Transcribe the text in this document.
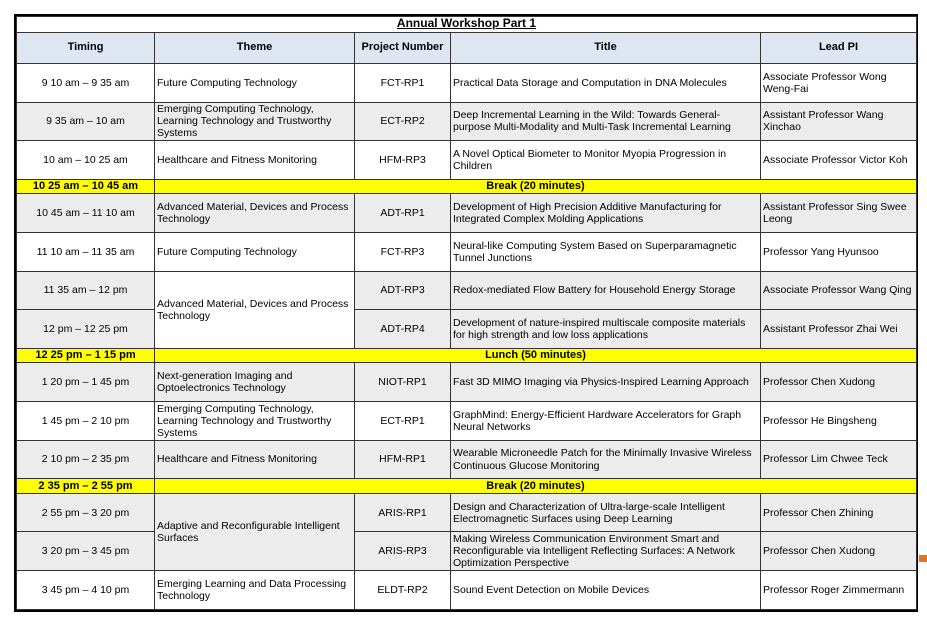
Annual Workshop Part 1				
Timing	Theme	Project Number	Title	Lead PI
9 10 am – 9 35 am	Future Computing Technology	FCT-RP1	Practical Data Storage and Computation in DNA Molecules	Associate Professor Wong Weng-Fai
9 35 am – 10 am	Emerging Computing Technology, Learning Technology and Trustworthy Systems	ECT-RP2	Deep Incremental Learning in the Wild: Towards General-purpose Multi-Modality and Multi-Task Incremental Learning	Assistant Professor Wang Xinchao
10 am – 10 25 am	Healthcare and Fitness Monitoring	HFM-RP3	A Novel Optical Biometer to Monitor Myopia Progression in Children	Associate Professor Victor Koh
10 25 am – 10 45 am	Break (20 minutes)			
10 45 am – 11 10 am	Advanced Material, Devices and Process Technology	ADT-RP1	Development of High Precision Additive Manufacturing for Integrated Complex Molding Applications	Assistant Professor Sing Swee Leong
11 10 am – 11 35 am	Future Computing Technology	FCT-RP3	Neural-like Computing System Based on Superparamagnetic Tunnel Junctions	Professor Yang Hyunsoo
11 35 am – 12 pm	Advanced Material, Devices and Process Technology	ADT-RP3	Redox-mediated Flow Battery for Household Energy Storage	Associate Professor Wang Qing
12 pm – 12 25 pm		ADT-RP4	Development of nature-inspired multiscale composite materials for high strength and low loss applications	Assistant Professor Zhai Wei
12 25 pm – 1 15 pm	Lunch (50 minutes)			
1 20 pm – 1 45 pm	Next-generation Imaging and Optoelectronics Technology	NIOT-RP1	Fast 3D MIMO Imaging via Physics-Inspired Learning Approach	Professor Chen Xudong
1 45 pm – 2 10 pm	Emerging Computing Technology, Learning Technology and Trustworthy Systems	ECT-RP1	GraphMind: Energy-Efficient Hardware Accelerators for Graph Neural Networks	Professor He Bingsheng
2 10 pm – 2 35 pm	Healthcare and Fitness Monitoring	HFM-RP1	Wearable Microneedle Patch for the Minimally Invasive Wireless Continuous Glucose Monitoring	Professor Lim Chwee Teck
2 35 pm – 2 55 pm	Break (20 minutes)			
2 55 pm – 3 20 pm	Adaptive and Reconfigurable Intelligent Surfaces	ARIS-RP1	Design and Characterization of Ultra-large-scale Intelligent Electromagnetic Surfaces using Deep Learning	Professor Chen Zhining
3 20 pm – 3 45 pm		ARIS-RP3	Making Wireless Communication Environment Smart and Reconfigurable via Intelligent Reflecting Surfaces: A Network Optimization Perspective	Professor Chen Xudong
3 45 pm – 4 10 pm	Emerging Learning and Data Processing Technology	ELDT-RP2	Sound Event Detection on Mobile Devices	Professor Roger Zimmermann
